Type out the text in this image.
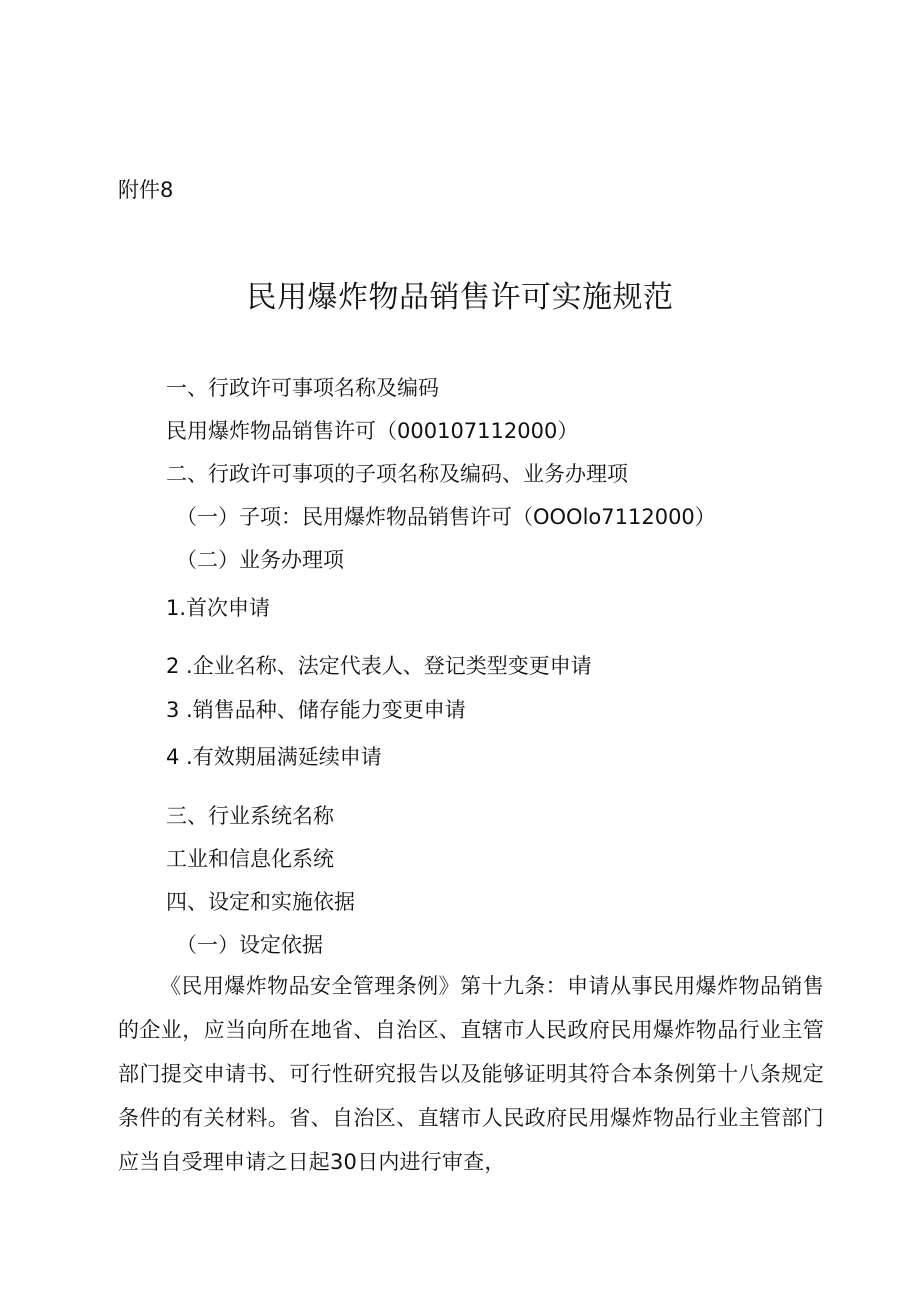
附件8

民用爆炸物品销售许可实施规范

一、行政许可事项名称及编码

民用爆炸物品销售许可（000107112000）

二、行政许可事项的子项名称及编码、业务办理项

（一）子项：民用爆炸物品销售许可（OOOlo7112000）

（二）业务办理项

1.首次申请

2 .企业名称、法定代表人、登记类型变更申请

3 .销售品种、储存能力变更申请

4 .有效期届满延续申请

三、行业系统名称

工业和信息化系统

四、设定和实施依据

（一）设定依据

《民用爆炸物品安全管理条例》第十九条：申请从事民用爆炸物品销售的企业，应当向所在地省、自治区、直辖市人民政府民用爆炸物品行业主管部门提交申请书、可行性研究报告以及能够证明其符合本条例第十八条规定条件的有关材料。省、自治区、直辖市人民政府民用爆炸物品行业主管部门应当自受理申请之日起30日内进行审查，
